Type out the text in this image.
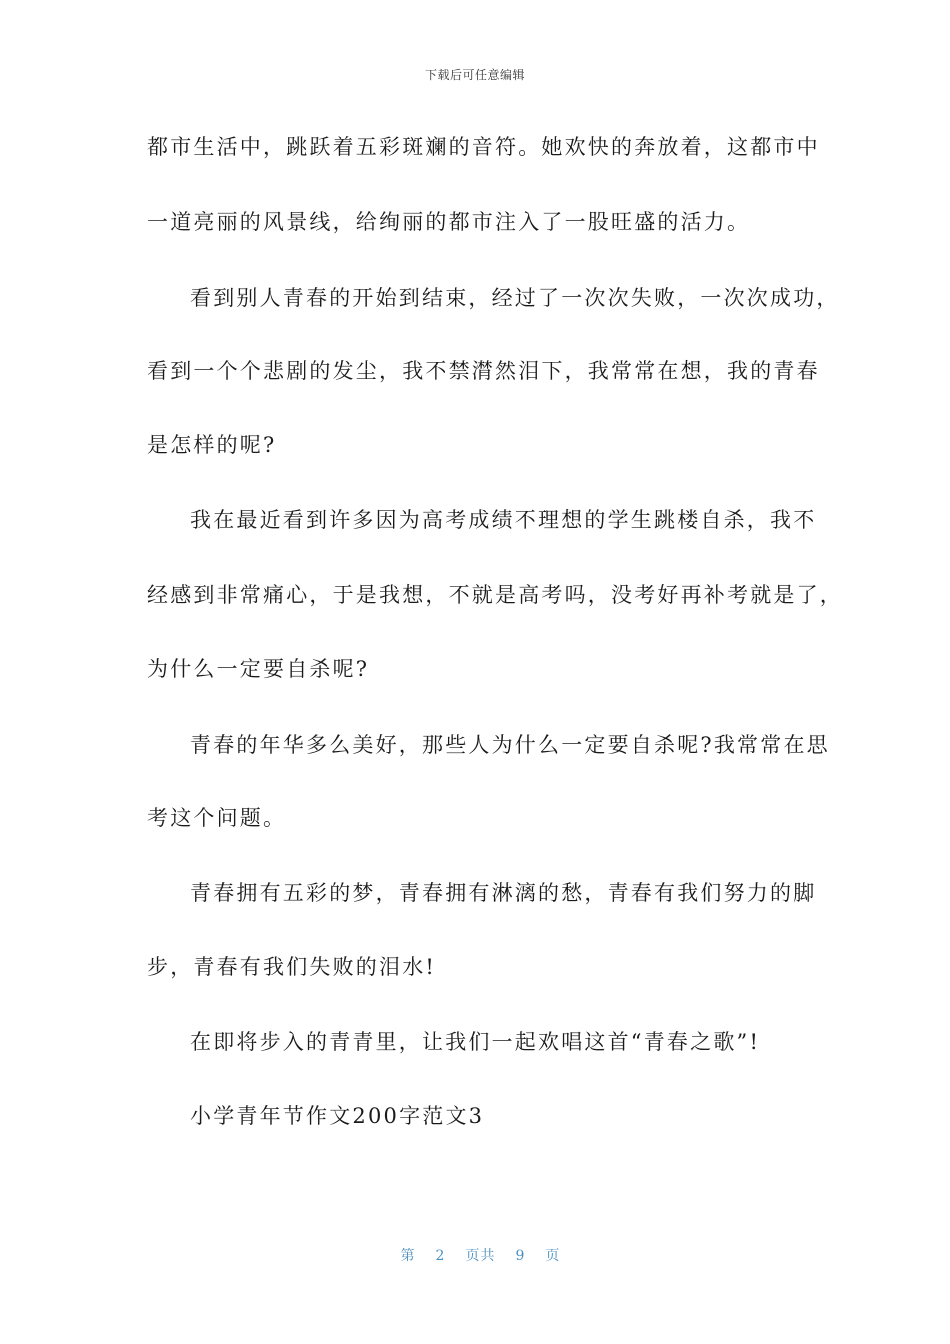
下载后可任意编辑
都市生活中，跳跃着五彩斑斓的音符。她欢快的奔放着，这都市中
一道亮丽的风景线，给绚丽的都市注入了一股旺盛的活力。
看到别人青春的开始到结束，经过了一次次失败，一次次成功，
看到一个个悲剧的发尘，我不禁潸然泪下，我常常在想，我的青春
是怎样的呢?
我在最近看到许多因为高考成绩不理想的学生跳楼自杀，我不
经感到非常痛心，于是我想，不就是高考吗，没考好再补考就是了，
为什么一定要自杀呢?
青春的年华多么美好，那些人为什么一定要自杀呢?我常常在思
考这个问题。
青春拥有五彩的梦，青春拥有淋漓的愁，青春有我们努力的脚
步，青春有我们失败的泪水!
在即将步入的青青里，让我们一起欢唱这首“青春之歌”!
小学青年节作文200字范文3

第 2 页共 9 页
